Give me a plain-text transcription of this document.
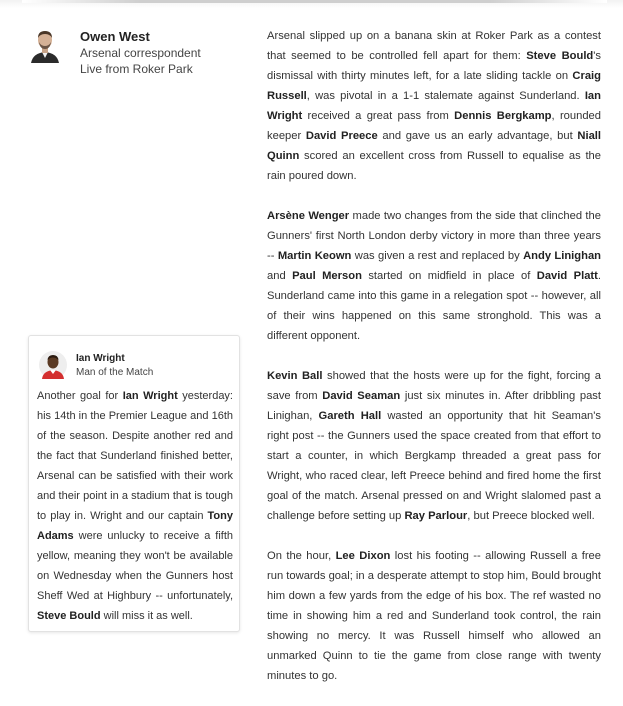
Owen West
Arsenal correspondent
Live from Roker Park
Ian Wright
Man of the Match
Another goal for Ian Wright yesterday: his 14th in the Premier League and 16th of the season. Despite another red and the fact that Sunderland finished better, Arsenal can be satisfied with their work and their point in a stadium that is tough to play in. Wright and our captain Tony Adams were unlucky to receive a fifth yellow, meaning they won't be available on Wednesday when the Gunners host Sheff Wed at Highbury -- unfortunately, Steve Bould will miss it as well.

Arsenal slipped up on a banana skin at Roker Park as a contest that seemed to be controlled fell apart for them: Steve Bould's dismissal with thirty minutes left, for a late sliding tackle on Craig Russell, was pivotal in a 1-1 stalemate against Sunderland. Ian Wright received a great pass from Dennis Bergkamp, rounded keeper David Preece and gave us an early advantage, but Niall Quinn scored an excellent cross from Russell to equalise as the rain poured down.

Arsène Wenger made two changes from the side that clinched the Gunners' first North London derby victory in more than three years -- Martin Keown was given a rest and replaced by Andy Linighan and Paul Merson started on midfield in place of David Platt. Sunderland came into this game in a relegation spot -- however, all of their wins happened on this same stronghold. This was a different opponent.

Kevin Ball showed that the hosts were up for the fight, forcing a save from David Seaman just six minutes in. After dribbling past Linighan, Gareth Hall wasted an opportunity that hit Seaman's right post -- the Gunners used the space created from that effort to start a counter, in which Bergkamp threaded a great pass for Wright, who raced clear, left Preece behind and fired home the first goal of the match. Arsenal pressed on and Wright slalomed past a challenge before setting up Ray Parlour, but Preece blocked well.

On the hour, Lee Dixon lost his footing -- allowing Russell a free run towards goal; in a desperate attempt to stop him, Bould brought him down a few yards from the edge of his box. The ref wasted no time in showing him a red and Sunderland took control, the rain showing no mercy. It was Russell himself who allowed an unmarked Quinn to tie the game from close range with twenty minutes to go.
